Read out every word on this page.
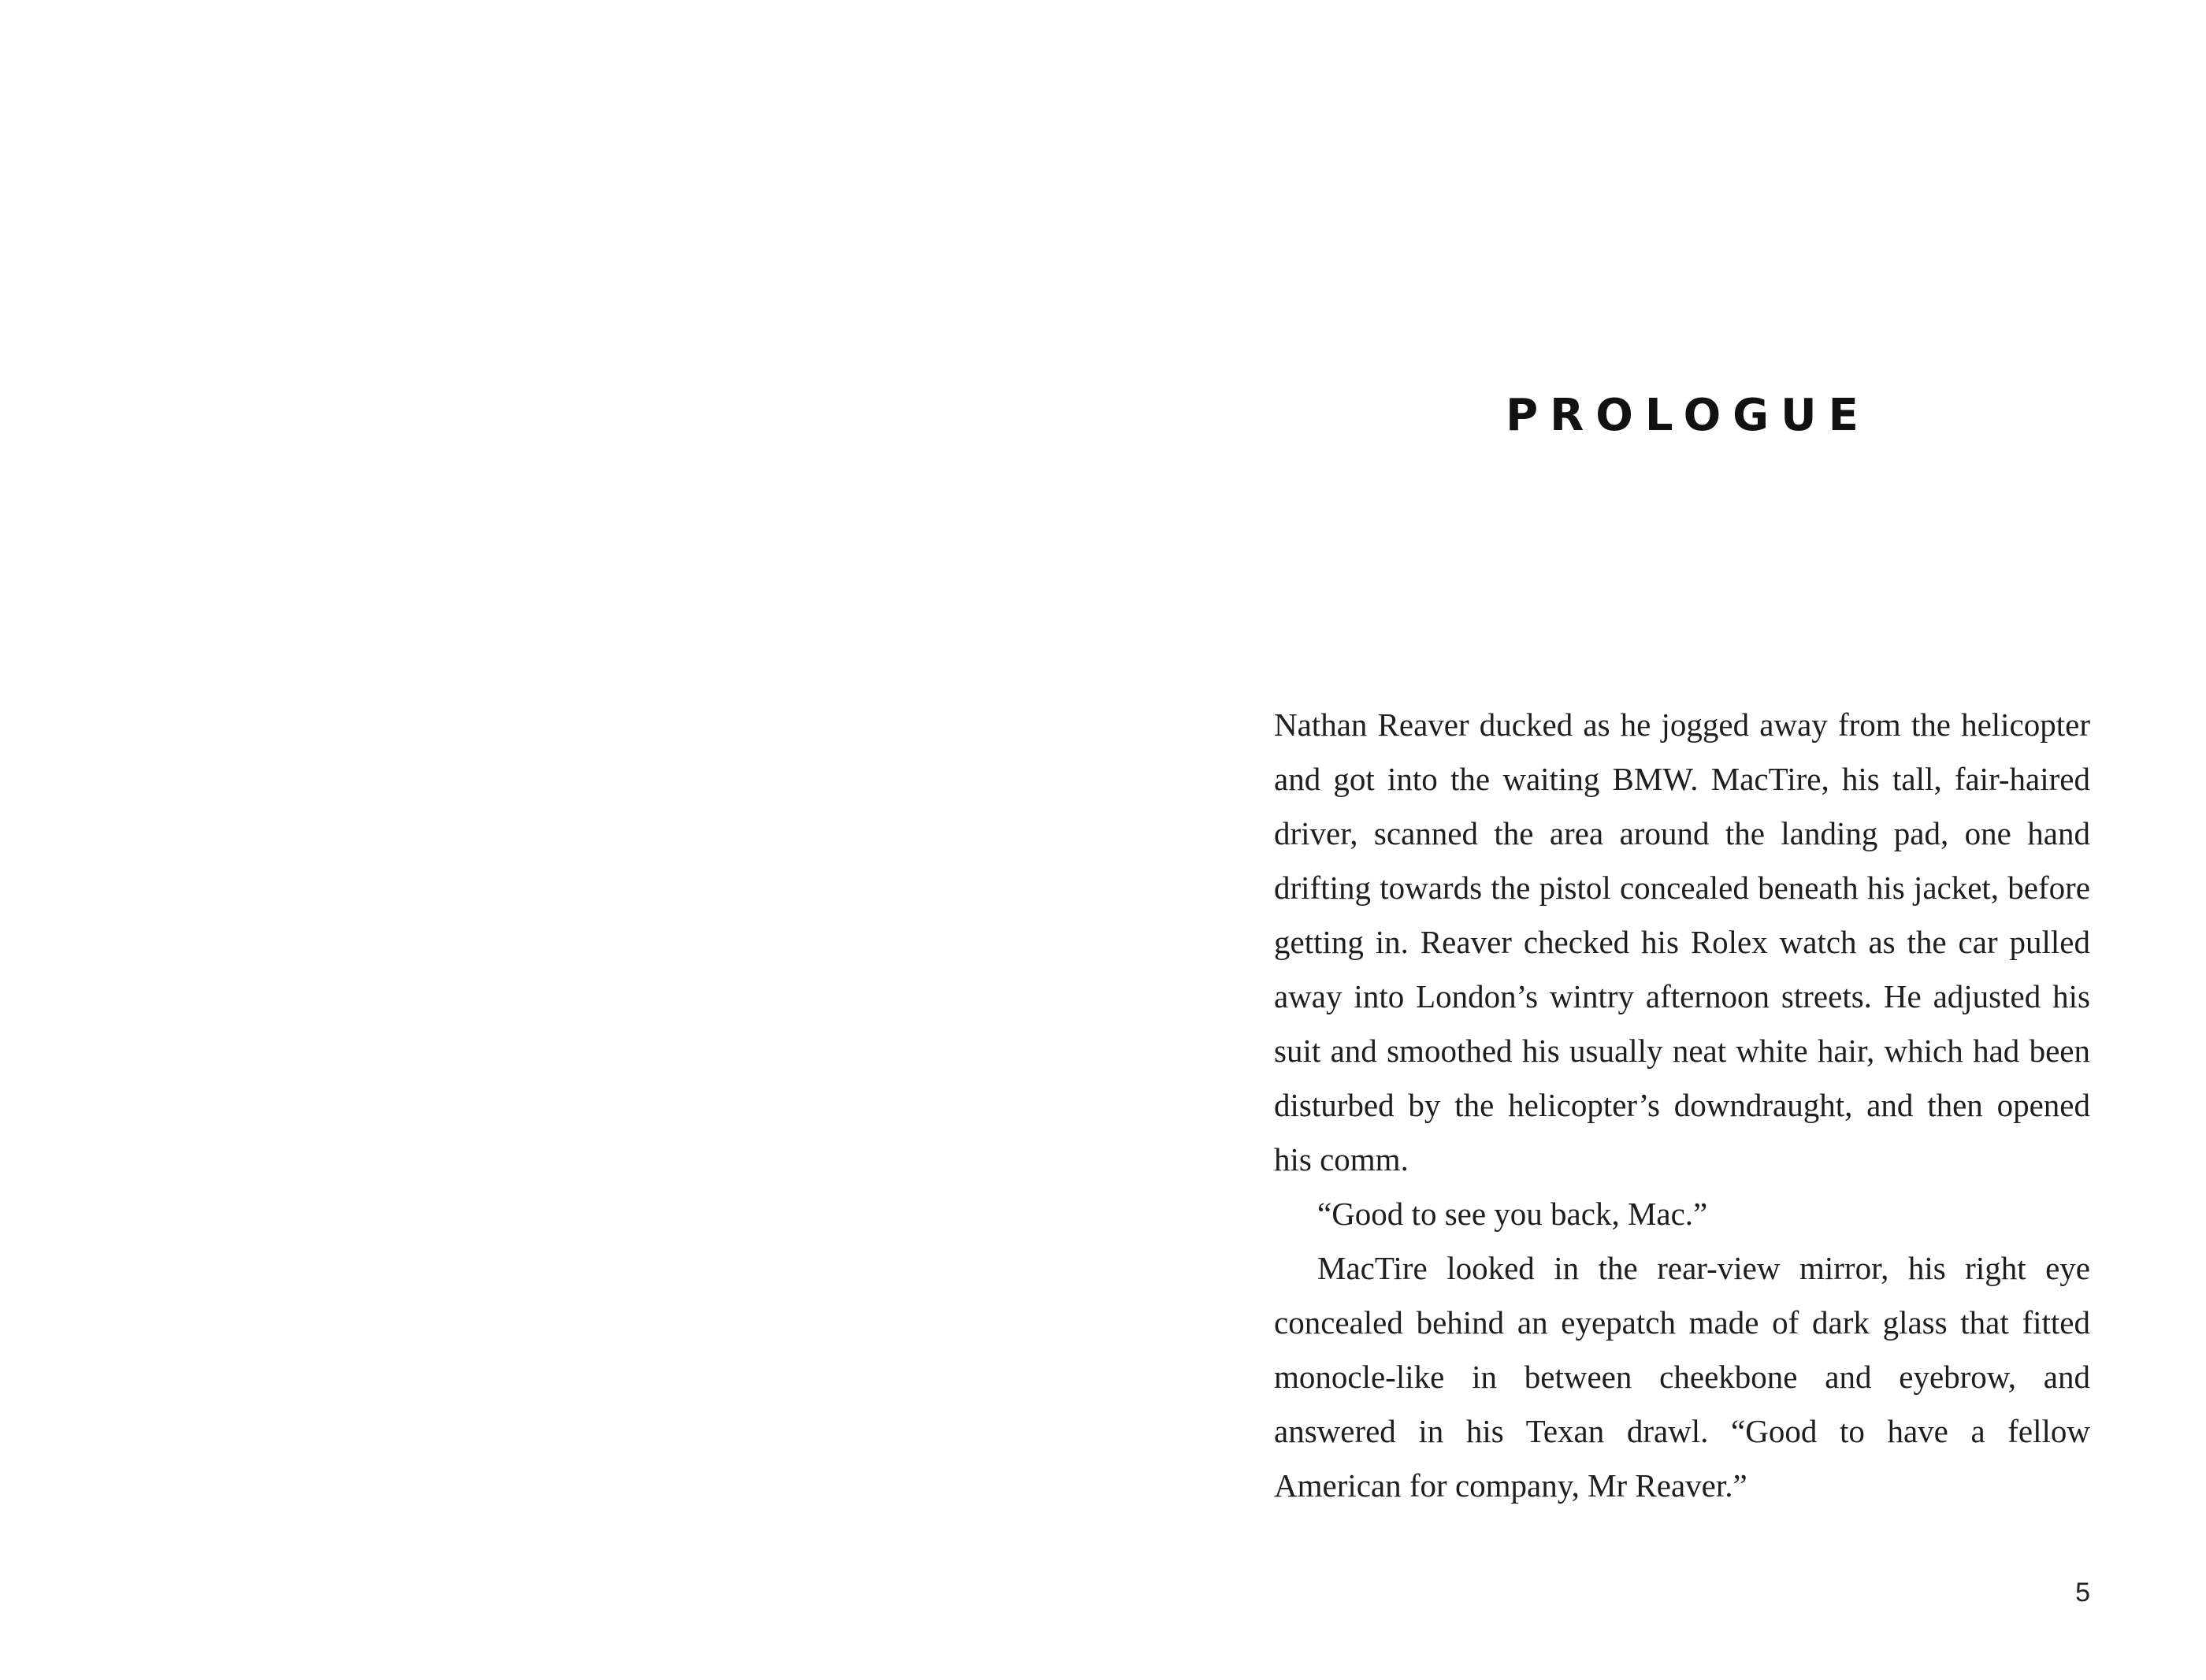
PROLOGUE

Nathan Reaver ducked as he jogged away from the helicopter and got into the waiting BMW. MacTire, his tall, fair-haired driver, scanned the area around the landing pad, one hand drifting towards the pistol concealed beneath his jacket, before getting in. Reaver checked his Rolex watch as the car pulled away into London’s wintry afternoon streets. He adjusted his suit and smoothed his usually neat white hair, which had been disturbed by the helicopter’s downdraught, and then opened his comm.

“Good to see you back, Mac.”

MacTire looked in the rear-view mirror, his right eye concealed behind an eyepatch made of dark glass that fitted monocle-like in between cheekbone and eyebrow, and answered in his Texan drawl. “Good to have a fellow American for company, Mr Reaver.”

5
